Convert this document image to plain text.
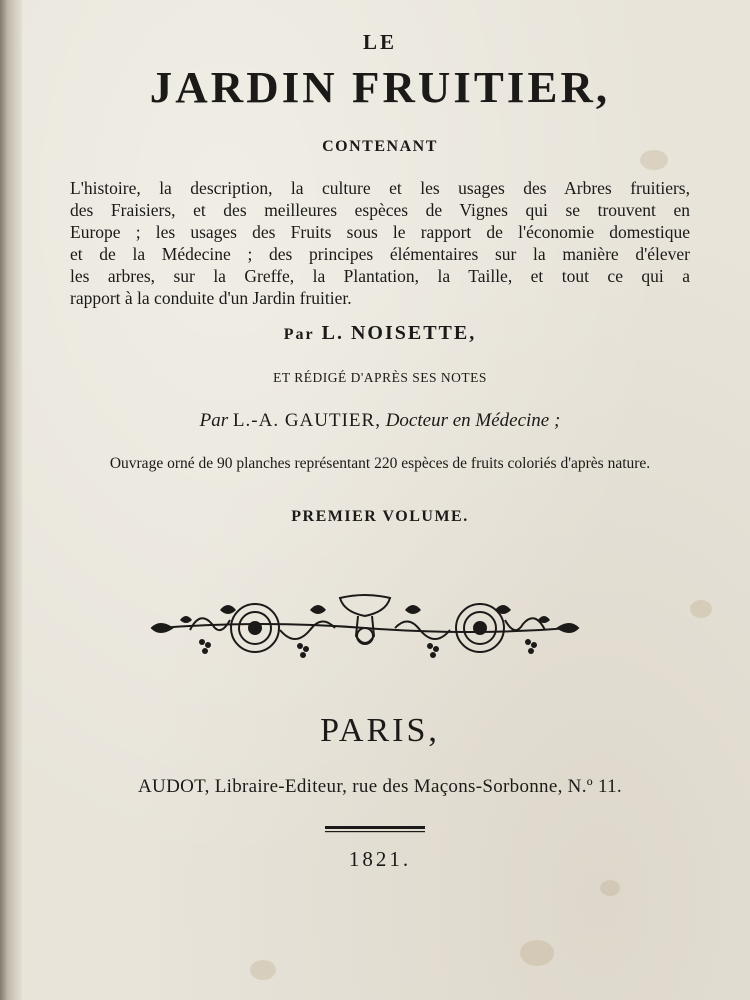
LE
JARDIN FRUITIER,
CONTENANT
L'histoire, la description, la culture et les usages des Arbres fruitiers,
des Fraisiers, et des meilleures espèces de Vignes qui se trouvent en
Europe ; les usages des Fruits sous le rapport de l'économie domestique
et de la Médecine ; des principes élémentaires sur la manière d'élever
les arbres, sur la Greffe, la Plantation, la Taille, et tout ce qui a
rapport à la conduite d'un Jardin fruitier.
Par L. NOISETTE,
ET RÉDIGÉ D'APRÈS SES NOTES
Par L.-A. GAUTIER, Docteur en Médecine ;
Ouvrage orné de 90 planches représentant 220 espèces de fruits coloriés d'après nature.
PREMIER VOLUME.
PARIS,
AUDOT, Libraire-Editeur, rue des Maçons-Sorbonne, N.º 11.
1821.
